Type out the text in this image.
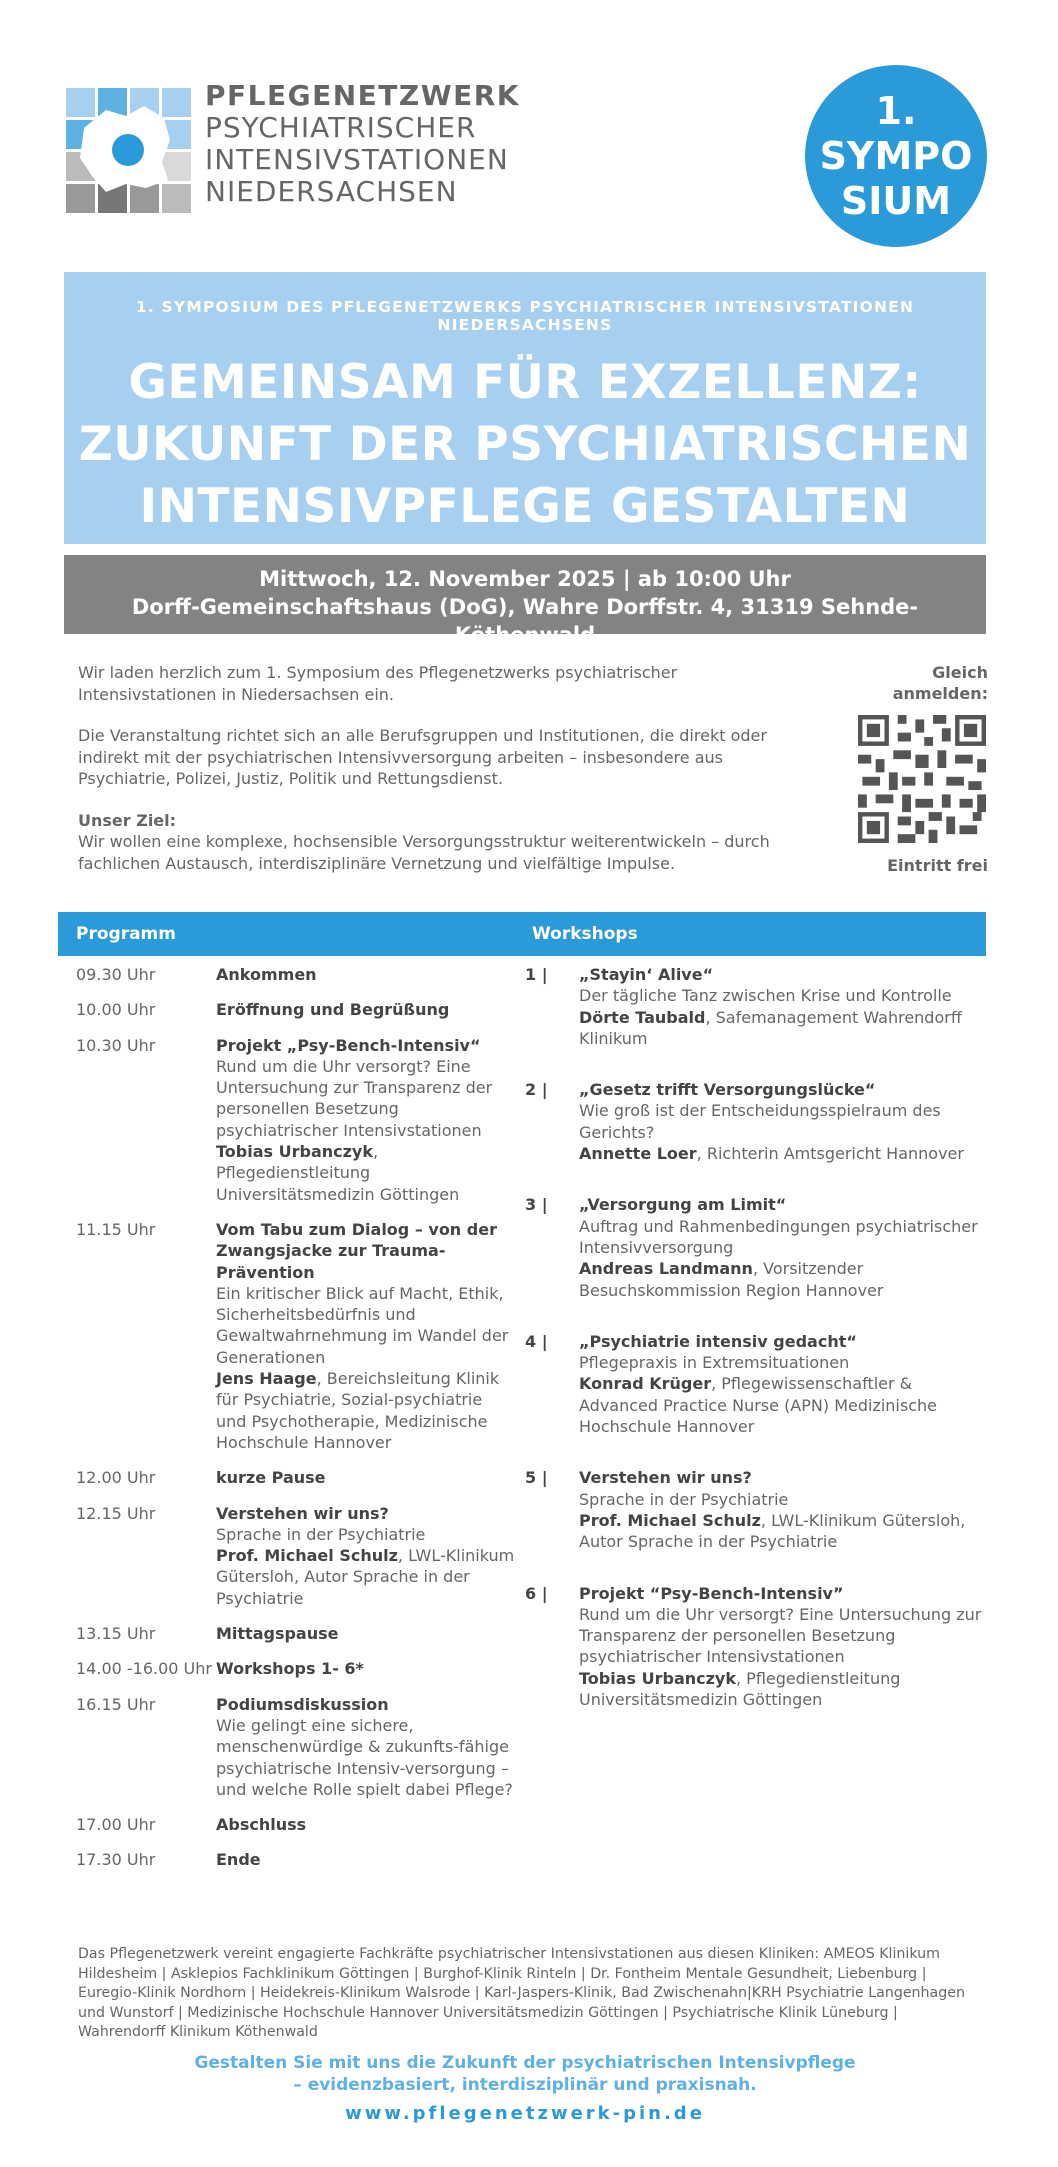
PFLEGENETZWERK
PSYCHIATRISCHER
INTENSIVSTATIONEN
NIEDERSACHSEN
1.
SYMPO
SIUM
1. SYMPOSIUM DES PFLEGENETZWERKS PSYCHIATRISCHER INTENSIVSTATIONEN NIEDERSACHSENS
GEMEINSAM FÜR EXZELLENZ:
ZUKUNFT DER PSYCHIATRISCHEN
INTENSIVPFLEGE GESTALTEN
Mittwoch, 12. November 2025 | ab 10:00 Uhr
Dorff-Gemeinschaftshaus (DoG), Wahre Dorffstr. 4, 31319 Sehnde-Köthenwald

Wir laden herzlich zum 1. Symposium des Pflegenetzwerks psychiatrischer Intensivstationen in Niedersachsen ein.

Die Veranstaltung richtet sich an alle Berufsgruppen und Institutionen, die direkt oder indirekt mit der psychiatrischen Intensivversorgung arbeiten – insbesondere aus Psychiatrie, Polizei, Justiz, Politik und Rettungsdienst.

Unser Ziel:

Wir wollen eine komplexe, hochsensible Versorgungsstruktur weiterentwickeln – durch fachlichen Austausch, interdisziplinäre Vernetzung und vielfältige Impulse.

Gleich
anmelden:
Eintritt frei
Programm	Workshops
09.30 Uhr	Ankommen
10.00 Uhr	Eröffnung und Begrüßung
10.30 Uhr	Projekt „Psy-Bench-Intensiv“
Rund um die Uhr versorgt? Eine Untersuchung zur Transparenz der personellen Besetzung psychiatrischer Intensivstationen
Tobias Urbanczyk, Pflegedienstleitung Universitätsmedizin Göttingen
11.15 Uhr	Vom Tabu zum Dialog – von der Zwangsjacke zur Trauma-Prävention
Ein kritischer Blick auf Macht, Ethik, Sicherheitsbedürfnis und Gewaltwahrnehmung im Wandel der Generationen
Jens Haage, Bereichsleitung Klinik für Psychiatrie, Sozial-psychiatrie und Psychotherapie, Medizinische Hochschule Hannover
12.00 Uhr	kurze Pause
12.15 Uhr	Verstehen wir uns?
Sprache in der Psychiatrie
Prof. Michael Schulz, LWL-Klinikum Gütersloh, Autor Sprache in der Psychiatrie
13.15 Uhr	Mittagspause
14.00 -16.00 Uhr Workshops 1- 6*
16.15 Uhr	Podiumsdiskussion
Wie gelingt eine sichere, menschenwürdige & zukunfts-fähige psychiatrische Intensiv-versorgung – und welche Rolle spielt dabei Pflege?
17.00 Uhr	Abschluss
17.30 Uhr	Ende
1 |	„Stayin‘ Alive“
Der tägliche Tanz zwischen Krise und Kontrolle
Dörte Taubald, Safemanagement Wahrendorff Klinikum
2 |	„Gesetz trifft Versorgungslücke“
Wie groß ist der Entscheidungsspielraum des Gerichts?
Annette Loer, Richterin Amtsgericht Hannover
3 |	„Versorgung am Limit“
Auftrag und Rahmenbedingungen psychiatrischer Intensivversorgung
Andreas Landmann, Vorsitzender Besuchskommission Region Hannover
4 |	„Psychiatrie intensiv gedacht“
Pflegepraxis in Extremsituationen
Konrad Krüger, Pflegewissenschaftler & Advanced Practice Nurse (APN) Medizinische Hochschule Hannover
5 |	Verstehen wir uns?
Sprache in der Psychiatrie
Prof. Michael Schulz, LWL-Klinikum Gütersloh, Autor Sprache in der Psychiatrie
6 |	Projekt “Psy-Bench-Intensiv”
Rund um die Uhr versorgt? Eine Untersuchung zur Transparenz der personellen Besetzung psychiatrischer Intensivstationen
Tobias Urbanczyk, Pflegedienstleitung Universitätsmedizin Göttingen
Das Pflegenetzwerk vereint engagierte Fachkräfte psychiatrischer Intensivstationen aus diesen Kliniken: AMEOS Klinikum Hildesheim | Asklepios Fachklinikum Göttingen | Burghof-Klinik Rinteln | Dr. Fontheim Mentale Gesundheit, Liebenburg | Euregio-Klinik Nordhorn | Heidekreis-Klinikum Walsrode | Karl-Jaspers-Klinik, Bad Zwischenahn|KRH Psychiatrie Langenhagen und Wunstorf | Medizinische Hochschule Hannover Universitätsmedizin Göttingen | Psychiatrische Klinik Lüneburg | Wahrendorff Klinikum Köthenwald
Gestalten Sie mit uns die Zukunft der psychiatrischen Intensivpflege
– evidenzbasiert, interdisziplinär und praxisnah.
www.pflegenetzwerk-pin.de
